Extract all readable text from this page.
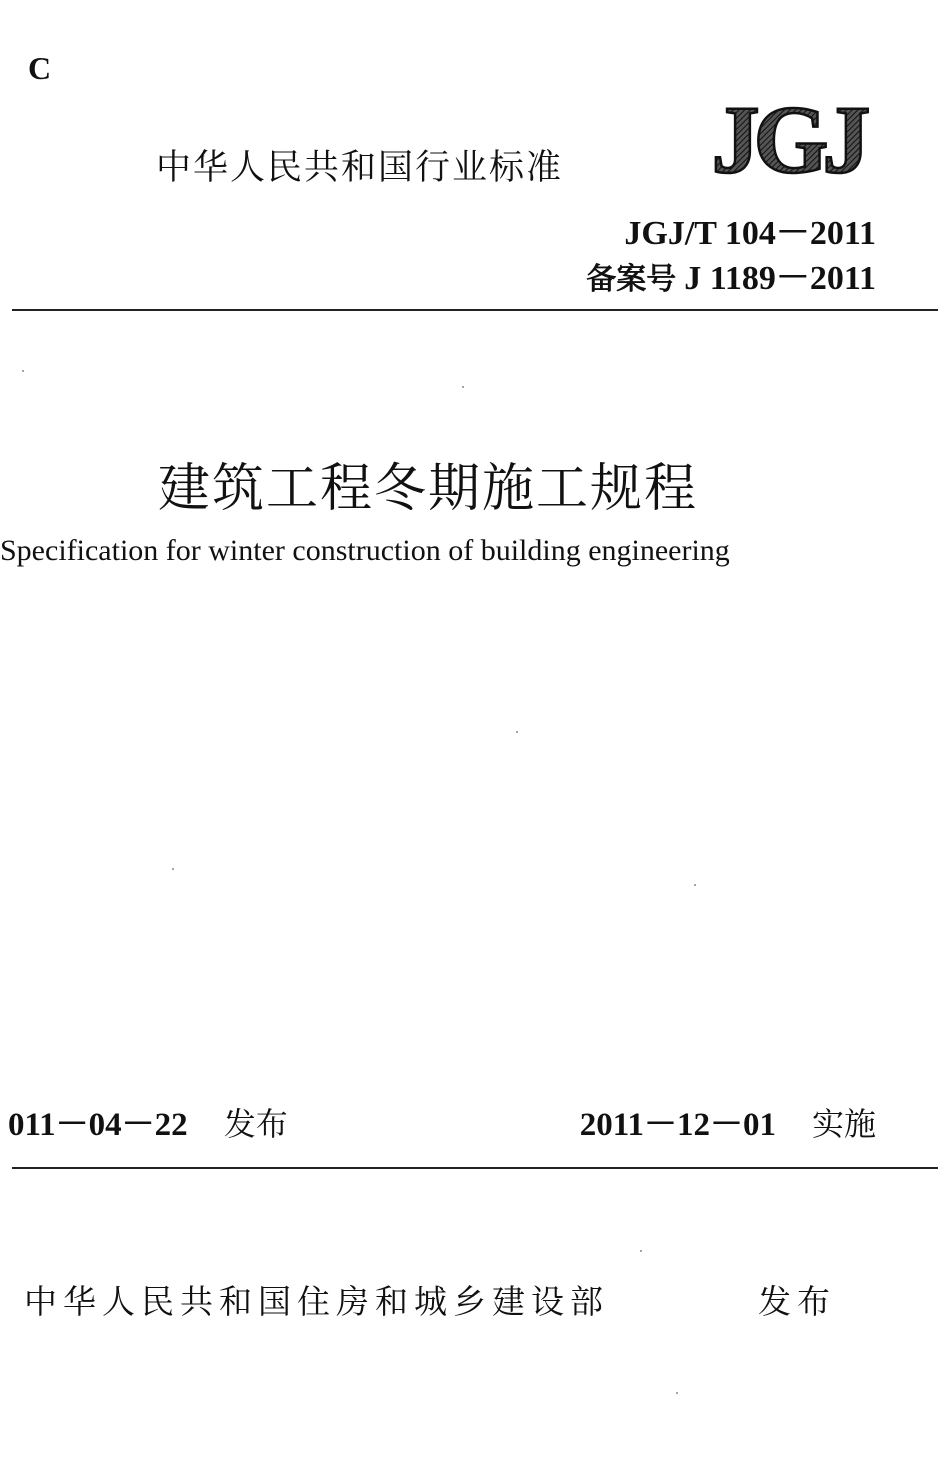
C
中华人民共和国行业标准 JGJ
JGJ/T 104－2011
备案号 J 1189－2011
建筑工程冬期施工规程
Specification for winter construction of building engineering
011－04－22 发布	2011－12－01 实施
中华人民共和国住房和城乡建设部	发布
